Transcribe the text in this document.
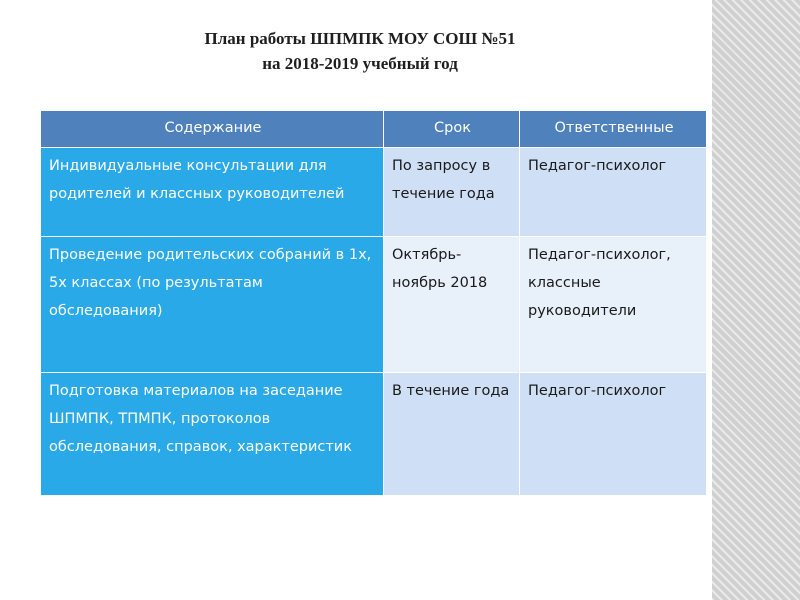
План работы ШПМПК МОУ СОШ №51
на 2018-2019 учебный год
Содержание	Срок	Ответственные
Индивидуальные консультации для родителей и классных руководителей	По запросу в течение года	Педагог-психолог
Проведение родительских собраний в 1х, 5х классах (по результатам обследования)	Октябрь-ноябрь 2018	Педагог-психолог, классные руководители
Подготовка материалов на заседание ШПМПК, ТПМПК, протоколов обследования, справок, характеристик	В течение года	Педагог-психолог
